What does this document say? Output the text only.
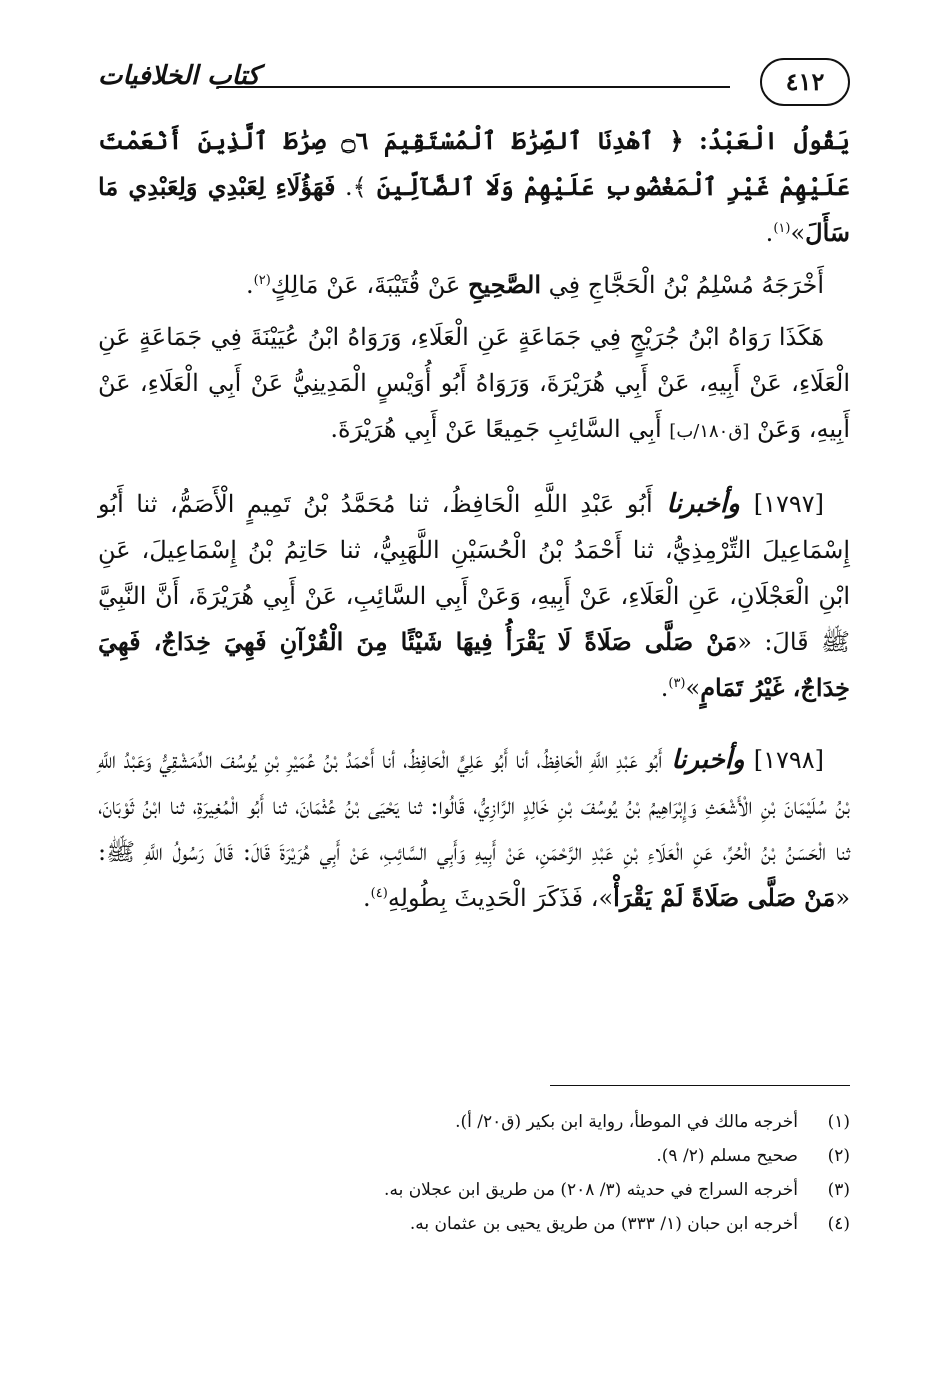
٤١٢
كتاب الخلافيات

يَقُولُ الْعَبْدُ: ﴿ ٱهْدِنَا ٱلصِّرَٰطَ ٱلْمُسْتَقِيمَ ۝٦ صِرَٰطَ ٱلَّذِينَ أَنْعَمْتَ عَلَيْهِمْ غَيْرِ ٱلْمَغْضُوبِ عَلَيْهِمْ وَلَا ٱلضَّآلِّينَ ﴾. فَهَؤُلَاءِ لِعَبْدِي وَلِعَبْدِي مَا سَأَلَ»$^{(١)}$.

أَخْرَجَهُ مُسْلِمُ بْنُ الْحَجَّاجِ فِي الصَّحِيحِ عَنْ قُتَيْبَةَ، عَنْ مَالِكٍ$^{(٢)}$.

هَكَذَا رَوَاهُ ابْنُ جُرَيْجٍ فِي جَمَاعَةٍ عَنِ الْعَلَاءِ، وَرَوَاهُ ابْنُ عُيَيْنَةَ فِي جَمَاعَةٍ عَنِ الْعَلَاءِ، عَنْ أَبِيهِ، عَنْ أَبِي هُرَيْرَةَ، وَرَوَاهُ أَبُو أُوَيْسٍ الْمَدِينِيُّ عَنْ أَبِي الْعَلَاءِ، عَنْ أَبِيهِ، وَعَنْ [ق١٨٠/ب] أَبِي السَّائِبِ جَمِيعًا عَنْ أَبِي هُرَيْرَةَ.

[١٧٩٧] وأخبرنا أَبُو عَبْدِ اللَّهِ الْحَافِظُ، ثنا مُحَمَّدُ بْنُ تَمِيمٍ الْأَصَمُّ، ثنا أَبُو إِسْمَاعِيلَ التِّرْمِذِيُّ، ثنا أَحْمَدُ بْنُ الْحُسَيْنِ اللَّهَبِيُّ، ثنا حَاتِمُ بْنُ إِسْمَاعِيلَ، عَنِ ابْنِ الْعَجْلَانِ، عَنِ الْعَلَاءِ، عَنْ أَبِيهِ، وَعَنْ أَبِي السَّائِبِ، عَنْ أَبِي هُرَيْرَةَ، أَنَّ النَّبِيَّ ﷺ قَالَ: «مَنْ صَلَّى صَلَاةً لَا يَقْرَأُ فِيهَا شَيْئًا مِنَ الْقُرْآنِ فَهِيَ خِدَاجٌ، فَهِيَ خِدَاجٌ، غَيْرُ تَمَامٍ»$^{(٣)}$.

[١٧٩٨] وأخبرنا أَبُو عَبْدِ اللَّهِ الْحَافِظُ، أنا أَبُو عَلِيٍّ الْحَافِظُ، أنا أَحْمَدُ بْنُ عُمَيْرِ بْنِ يُوسُفَ الدِّمَشْقِيُّ وَعَبْدُ اللَّهِ بْنُ سُلَيْمَانَ بْنِ الْأَشْعَثِ وَإِبْرَاهِيمُ بْنُ يُوسُفَ بْنِ خَالِدٍ الرَّازِيُّ، قَالُوا: ثنا يَحْيَى بْنُ عُثْمَانَ، ثنا أَبُو الْمُغِيرَةِ، ثنا ابْنُ ثَوْبَانَ، ثنا الْحَسَنُ بْنُ الْحُرِّ، عَنِ الْعَلَاءِ بْنِ عَبْدِ الرَّحْمَنِ، عَنْ أَبِيهِ وَأَبِي السَّائِبِ، عَنْ أَبِي هُرَيْرَةَ قَالَ: قَالَ رَسُولُ اللَّهِ ﷺ: «مَنْ صَلَّى صَلَاةً لَمْ يَقْرَأْ»، فَذَكَرَ الْحَدِيثَ بِطُولِهِ$^{(٤)}$.

(١)
أخرجه مالك في الموطأ، رواية ابن بكير (ق٢٠/ أ).
(٢)
صحيح مسلم (٢/ ٩).
(٣)
أخرجه السراج في حديثه (٣/ ٢٠٨) من طريق ابن عجلان به.
(٤)
أخرجه ابن حبان (١/ ٣٣٣) من طريق يحيى بن عثمان به.
